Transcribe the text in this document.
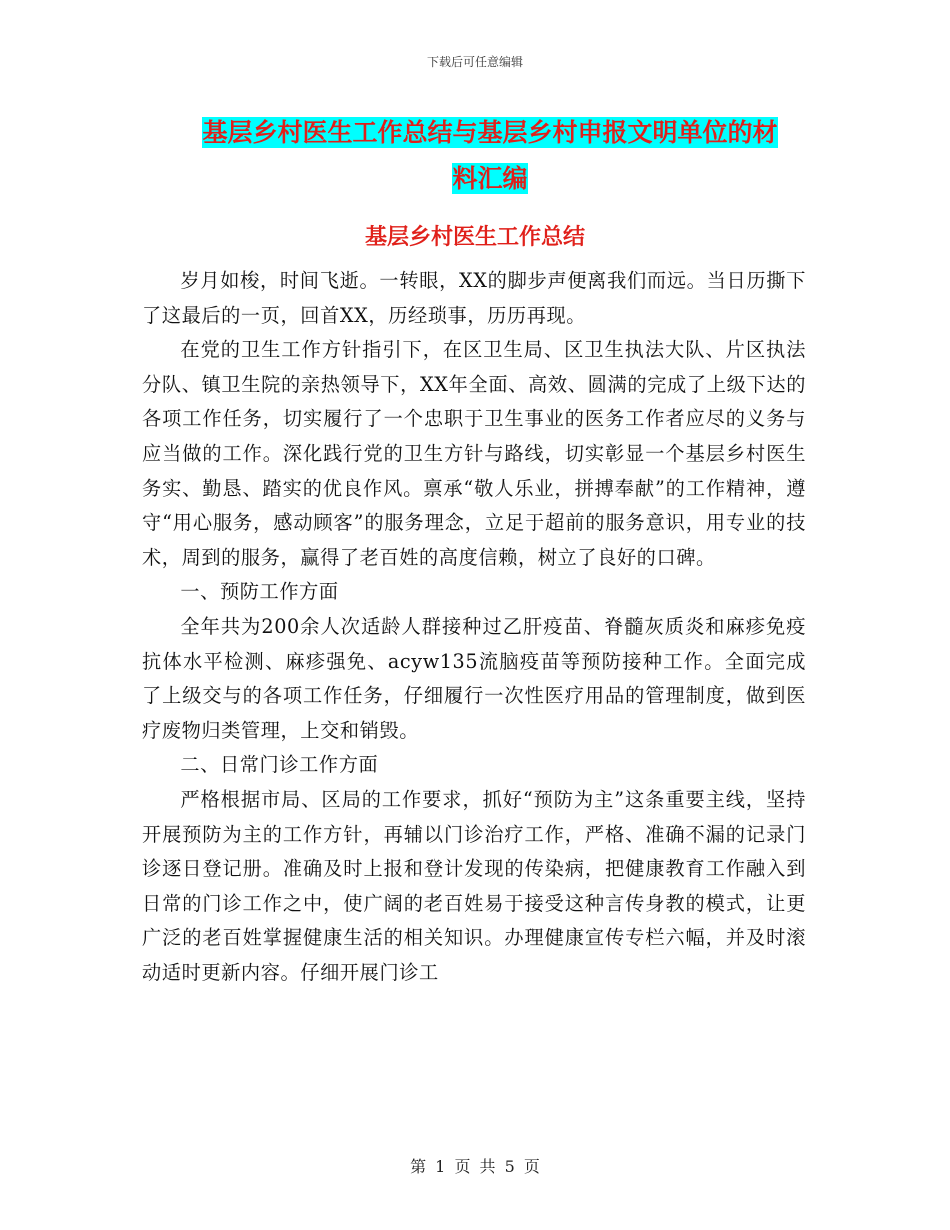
下载后可任意编辑
基层乡村医生工作总结与基层乡村申报文明单位的材
料汇编
基层乡村医生工作总结

岁月如梭，时间飞逝。一转眼，XX的脚步声便离我们而远。当日历撕下了这最后的一页，回首XX，历经琐事，历历再现。

在党的卫生工作方针指引下，在区卫生局、区卫生执法大队、片区执法分队、镇卫生院的亲热领导下，XX年全面、高效、圆满的完成了上级下达的各项工作任务，切实履行了一个忠职于卫生事业的医务工作者应尽的义务与应当做的工作。深化践行党的卫生方针与路线，切实彰显一个基层乡村医生务实、勤恳、踏实的优良作风。禀承“敬人乐业，拼搏奉献”的工作精神，遵守“用心服务，感动顾客”的服务理念，立足于超前的服务意识，用专业的技术，周到的服务，赢得了老百姓的高度信赖，树立了良好的口碑。

一、预防工作方面

全年共为200余人次适龄人群接种过乙肝疫苗、脊髓灰质炎和麻疹免疫抗体水平检测、麻疹强免、acyw135流脑疫苗等预防接种工作。全面完成了上级交与的各项工作任务，仔细履行一次性医疗用品的管理制度，做到医疗废物归类管理，上交和销毁。

二、日常门诊工作方面

严格根据市局、区局的工作要求，抓好“预防为主”这条重要主线，坚持开展预防为主的工作方针，再辅以门诊治疗工作，严格、准确不漏的记录门诊逐日登记册。准确及时上报和登计发现的传染病，把健康教育工作融入到日常的门诊工作之中，使广阔的老百姓易于接受这种言传身教的模式，让更广泛的老百姓掌握健康生活的相关知识。办理健康宣传专栏六幅，并及时滚动适时更新内容。仔细开展门诊工

第 1 页 共 5 页
